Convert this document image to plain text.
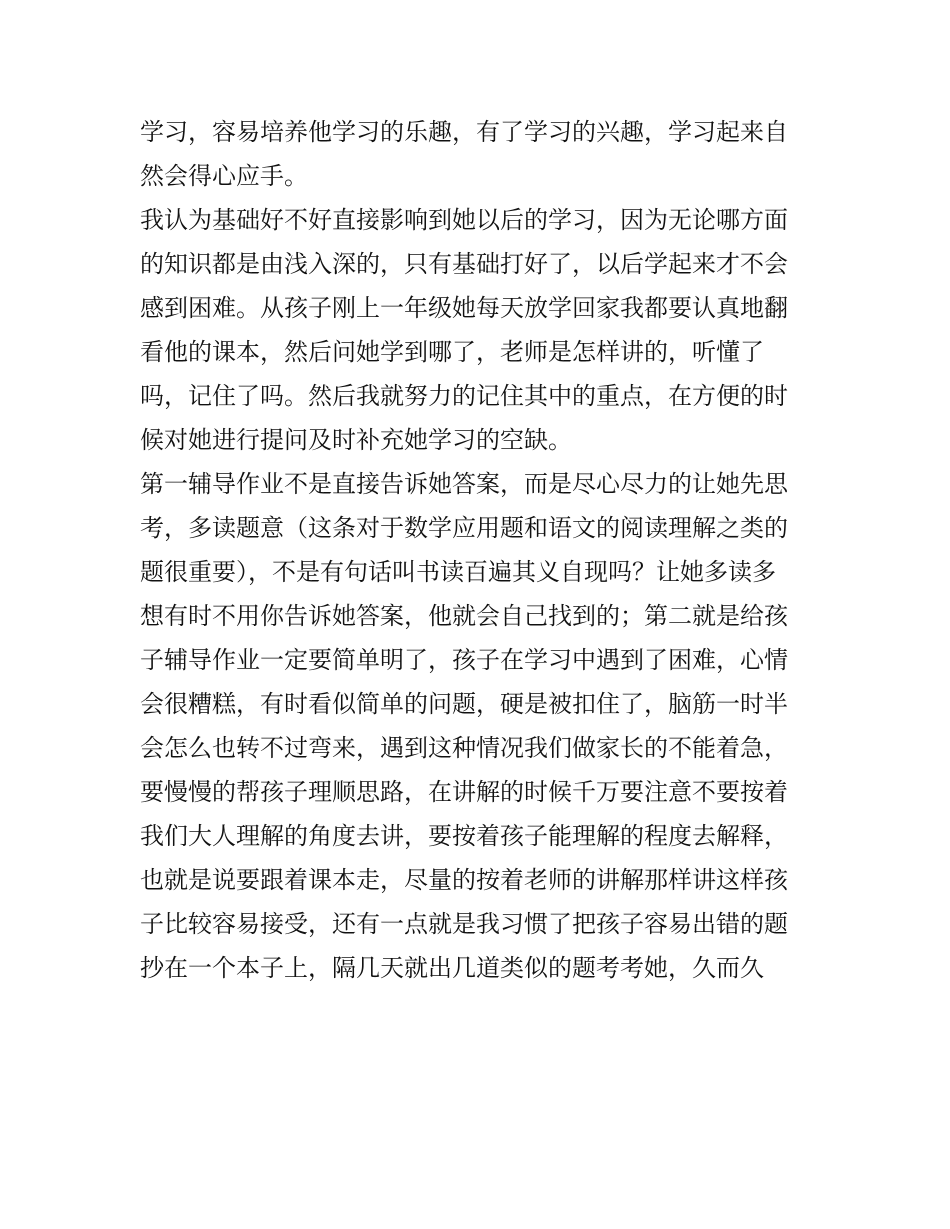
学习，容易培养他学习的乐趣，有了学习的兴趣，学习起来自
然会得心应手。
我认为基础好不好直接影响到她以后的学习，因为无论哪方面
的知识都是由浅入深的，只有基础打好了，以后学起来才不会
感到困难。从孩子刚上一年级她每天放学回家我都要认真地翻
看他的课本，然后问她学到哪了，老师是怎样讲的，听懂了
吗，记住了吗。然后我就努力的记住其中的重点，在方便的时
候对她进行提问及时补充她学习的空缺。
第一辅导作业不是直接告诉她答案，而是尽心尽力的让她先思
考，多读题意（这条对于数学应用题和语文的阅读理解之类的
题很重要），不是有句话叫书读百遍其义自现吗？让她多读多
想有时不用你告诉她答案，他就会自己找到的；第二就是给孩
子辅导作业一定要简单明了，孩子在学习中遇到了困难，心情
会很糟糕，有时看似简单的问题，硬是被扣住了，脑筋一时半
会怎么也转不过弯来，遇到这种情况我们做家长的不能着急，
要慢慢的帮孩子理顺思路，在讲解的时候千万要注意不要按着
我们大人理解的角度去讲，要按着孩子能理解的程度去解释，
也就是说要跟着课本走，尽量的按着老师的讲解那样讲这样孩
子比较容易接受，还有一点就是我习惯了把孩子容易出错的题
抄在一个本子上，隔几天就出几道类似的题考考她，久而久
